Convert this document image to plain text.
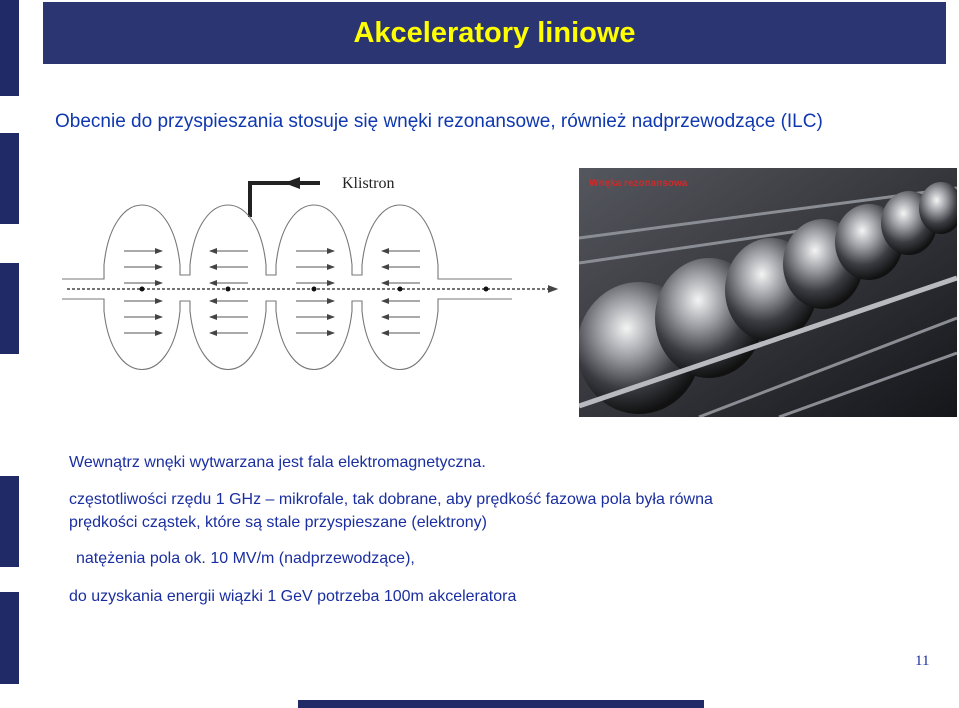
Akceleratory liniowe
Obecnie do przyspieszania stosuje się wnęki rezonansowe, również nadprzewodzące (ILC)
Klistron	Wnęka rezonansowa
Wewnątrz wnęki wytwarzana jest fala elektromagnetyczna.
częstotliwości rzędu 1 GHz – mikrofale, tak dobrane, aby prędkość fazowa pola była równa
prędkości cząstek, które są stale przyspieszane (elektrony)
natężenia pola ok. 10 MV/m (nadprzewodzące),
do uzyskania energii wiązki 1 GeV potrzeba 100m akceleratora
11
